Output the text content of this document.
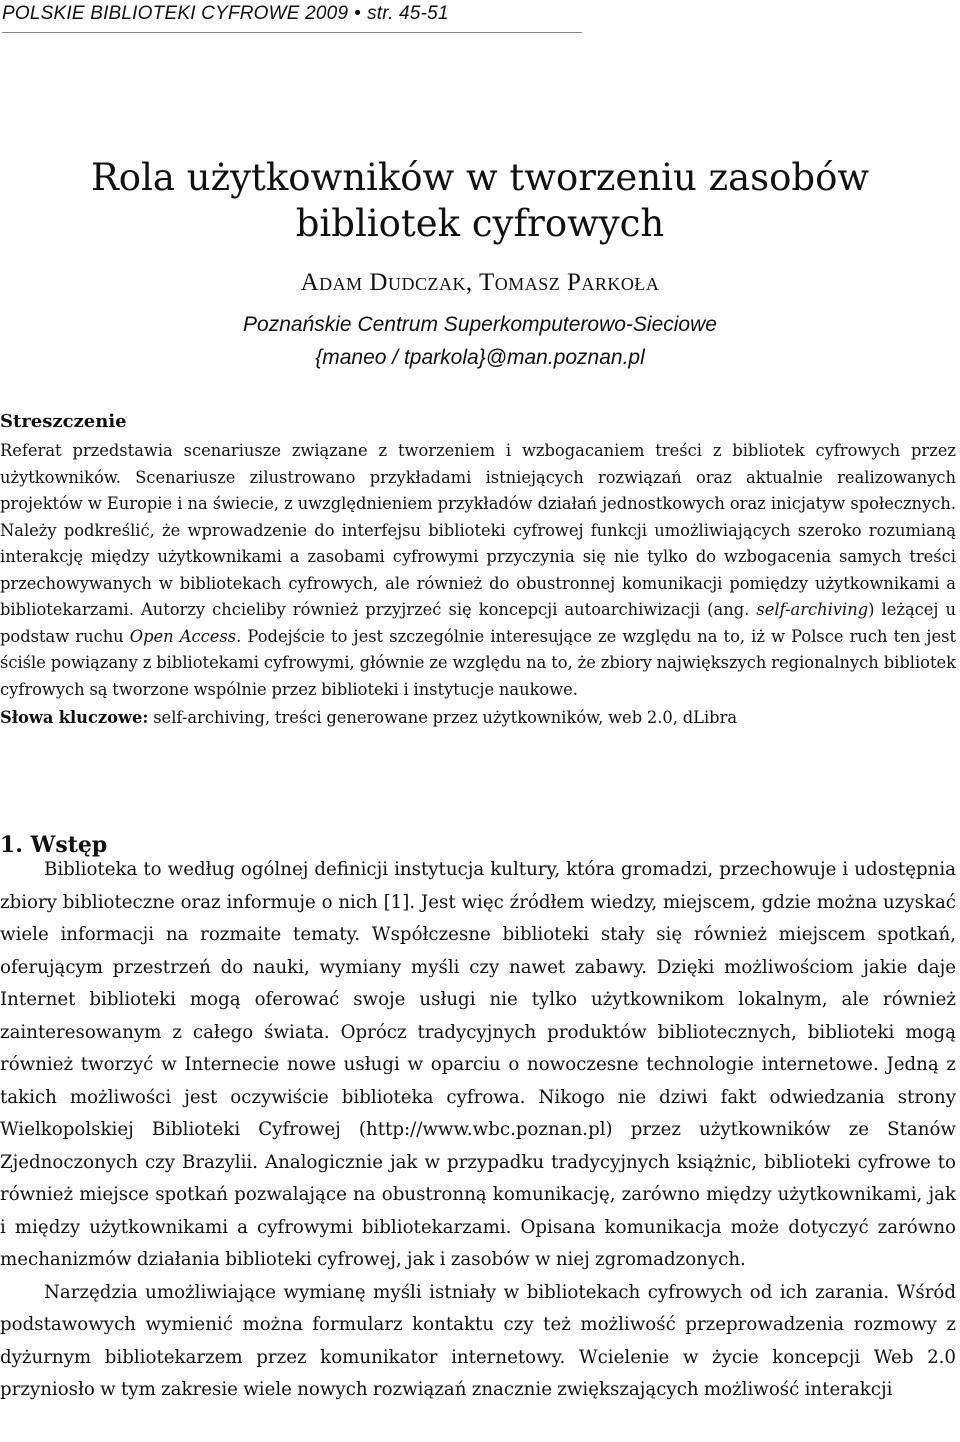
POLSKIE BIBLIOTEKI CYFROWE 2009 • str. 45-51
Rola użytkowników w tworzeniu zasobów
bibliotek cyfrowych
Adam Dudczak, Tomasz Parkoła
Poznańskie Centrum Superkomputerowo-Sieciowe
{maneo / tparkola}@man.poznan.pl
Streszczenie

Referat przedstawia scenariusze związane z tworzeniem i wzbogacaniem treści z bibliotek cyfrowych przez użytkowników. Scenariusze zilustrowano przykładami istniejących rozwiązań oraz aktualnie realizowanych projektów w Europie i na świecie, z uwzględnieniem przykładów działań jednostkowych oraz inicjatyw społecznych. Należy podkreślić, że wprowadzenie do interfejsu biblioteki cyfrowej funkcji umożliwiających szeroko rozumianą interakcję między użytkownikami a zasobami cyfrowymi przyczynia się nie tylko do wzbogacenia samych treści przechowywanych w bibliotekach cyfrowych, ale również do obustronnej komunikacji pomiędzy użytkownikami a bibliotekarzami. Autorzy chcieliby również przyjrzeć się koncepcji autoarchiwizacji (ang. self-archiving) leżącej u podstaw ruchu Open Access. Podejście to jest szczególnie interesujące ze względu na to, iż w Polsce ruch ten jest ściśle powiązany z bibliotekami cyfrowymi, głównie ze względu na to, że zbiory największych regionalnych bibliotek cyfrowych są tworzone wspólnie przez biblioteki i instytucje naukowe.

Słowa kluczowe: self-archiving, treści generowane przez użytkowników, web 2.0, dLibra

1. Wstęp

Biblioteka to według ogólnej definicji instytucja kultury, która gromadzi, przechowuje i udostępnia zbiory biblioteczne oraz informuje o nich [1]. Jest więc źródłem wiedzy, miejscem, gdzie można uzyskać wiele informacji na rozmaite tematy. Współczesne biblioteki stały się również miejscem spotkań, oferującym przestrzeń do nauki, wymiany myśli czy nawet zabawy. Dzięki możliwościom jakie daje Internet biblioteki mogą oferować swoje usługi nie tylko użytkownikom lokalnym, ale również zainteresowanym z całego świata. Oprócz tradycyjnych produktów bibliotecznych, biblioteki mogą również tworzyć w Internecie nowe usługi w oparciu o nowoczesne technologie internetowe. Jedną z takich możliwości jest oczywiście biblioteka cyfrowa. Nikogo nie dziwi fakt odwiedzania strony Wielkopolskiej Biblioteki Cyfrowej (http://www.wbc.poznan.pl) przez użytkowników ze Stanów Zjednoczonych czy Brazylii. Analogicznie jak w przypadku tradycyjnych książnic, biblioteki cyfrowe to również miejsce spotkań pozwalające na obustronną komunikację, zarówno między użytkownikami, jak i między użytkownikami a cyfrowymi bibliotekarzami. Opisana komunikacja może dotyczyć zarówno mechanizmów działania biblioteki cyfrowej, jak i zasobów w niej zgromadzonych.

Narzędzia umożliwiające wymianę myśli istniały w bibliotekach cyfrowych od ich zarania. Wśród podstawowych wymienić można formularz kontaktu czy też możliwość przeprowadzenia rozmowy z dyżurnym bibliotekarzem przez komunikator internetowy. Wcielenie w życie koncepcji Web 2.0 przyniosło w tym zakresie wiele nowych rozwiązań znacznie zwiększających możliwość interakcji
